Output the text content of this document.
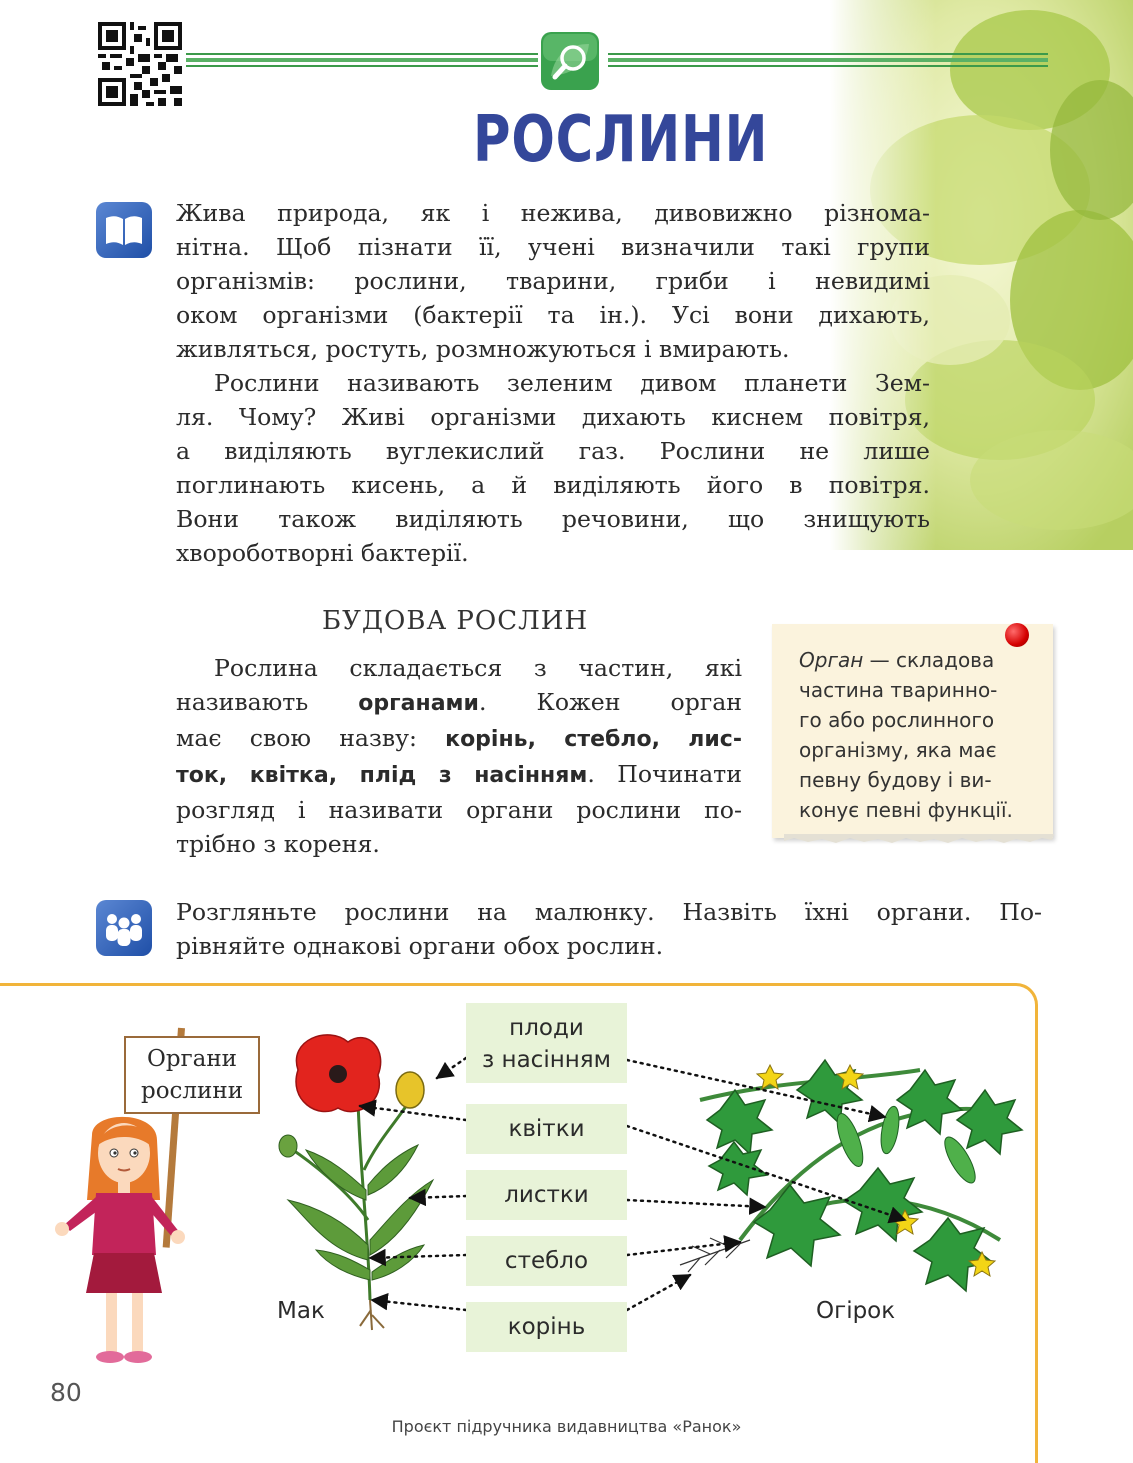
РОСЛИНИ
Жива природа, як і нежива, дивовижно різнома-
нітна. Щоб пізнати її, учені визначили такі групи
організмів: рослини, тварини, гриби і невидимі
оком організми (бактерії та ін.). Усі вони дихають,
живляться, ростуть, розмножуються і вмирають.
Рослини називають зеленим дивом планети Зем-
ля. Чому? Живі організми дихають киснем повітря,
а виділяють вуглекислий газ. Рослини не лише
поглинають кисень, а й виділяють його в повітря.
Вони також виділяють речовини, що знищують
хвороботворні бактерії.
БУДОВА РОСЛИН
Рослина складається з частин, які
називають органами. Кожен орган
має свою назву: корінь, стебло, лис-
ток, квітка, плід з насінням. Починати
розгляд і називати органи рослини по-
трібно з кореня.
Орган — складова
частина тваринно-
го або рослинного
організму, яка має
певну будову і ви-
конує певні функції.
Розгляньте рослини на малюнку. Назвіть їхні органи. По-
рівняйте однакові органи обох рослин.
Органи
рослини
плоди
з насінням
квітки
листки
стебло
корінь
Мак	Огірок
80
Проєкт підручника видавництва «Ранок»
